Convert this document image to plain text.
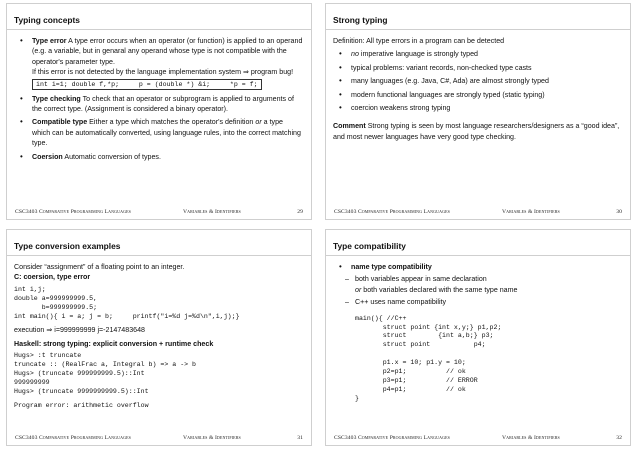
Typing concepts
• Type error A type error occurs when an operator (or function) is applied to an operand (e.g. a variable, but in genaral any operand whose type is not compatible with the operator's parameter type.
If this error is not detected by the language implementation system ⇒ program bug!
int i=1; double f,*p;     p = (double *) &i;     *p = f;
• Type checking To check that an operator or subprogram is applied to arguments of the correct type. (Assignment is considered a binary operator).
• Compatible type Either a type which matches the operator's definition or a type which can be automatically converted, using language rules, into the correct matching type.
• Coersion Automatic conversion of types.
CSC3403 Comparative Programming Languages	Variables & Identifiers	29
Strong typing
Definition: All type errors in a program can be detected
• no imperative language is strongly typed
• typical problems: variant records, non-checked type casts
• many languages (e.g. Java, C#, Ada) are almost strongly typed
• modern functional languages are strongly typed (static typing)
• coercion weakens strong typing
Comment Strong typing is seen by most language researchers/designers as a “good idea”, and most newer languages have very good type checking.
CSC3403 Comparative Programming Languages	Variables & Identifiers	30
Type conversion examples
Consider “assignment” of a floating point to an integer.
C: coersion, type error
int i,j;
double a=999999999.5,
b=999999999.5;
int main(){ i = a; j = b;     printf("i=%d j=%d\n",i,j);}
execution ⇒ i=999999999 j=-2147483648
Haskell: strong typing: explicit conversion + runtime check
Hugs> :t truncate
truncate :: (RealFrac a, Integral b) => a -> b
Hugs> (truncate 999999999.5)::Int
999999999
Hugs> (truncate 9999999999.5)::Int
Program error: arithmetic overflow
CSC3403 Comparative Programming Languages	Variables & Identifiers	31
Type compatibility
• name type compatibility
– both variables appear in same declaration
or both variables declared with the same type name
– C++ uses name compatibility
main(){ //C++
struct point {int x,y;} p1,p2;
struct        {int a,b;} p3;
struct point           p4;

p1.x = 10; p1.y = 10;
p2=p1;          // ok
p3=p1;          // ERROR
p4=p1;          // ok
}
CSC3403 Comparative Programming Languages	Variables & Identifiers	32
